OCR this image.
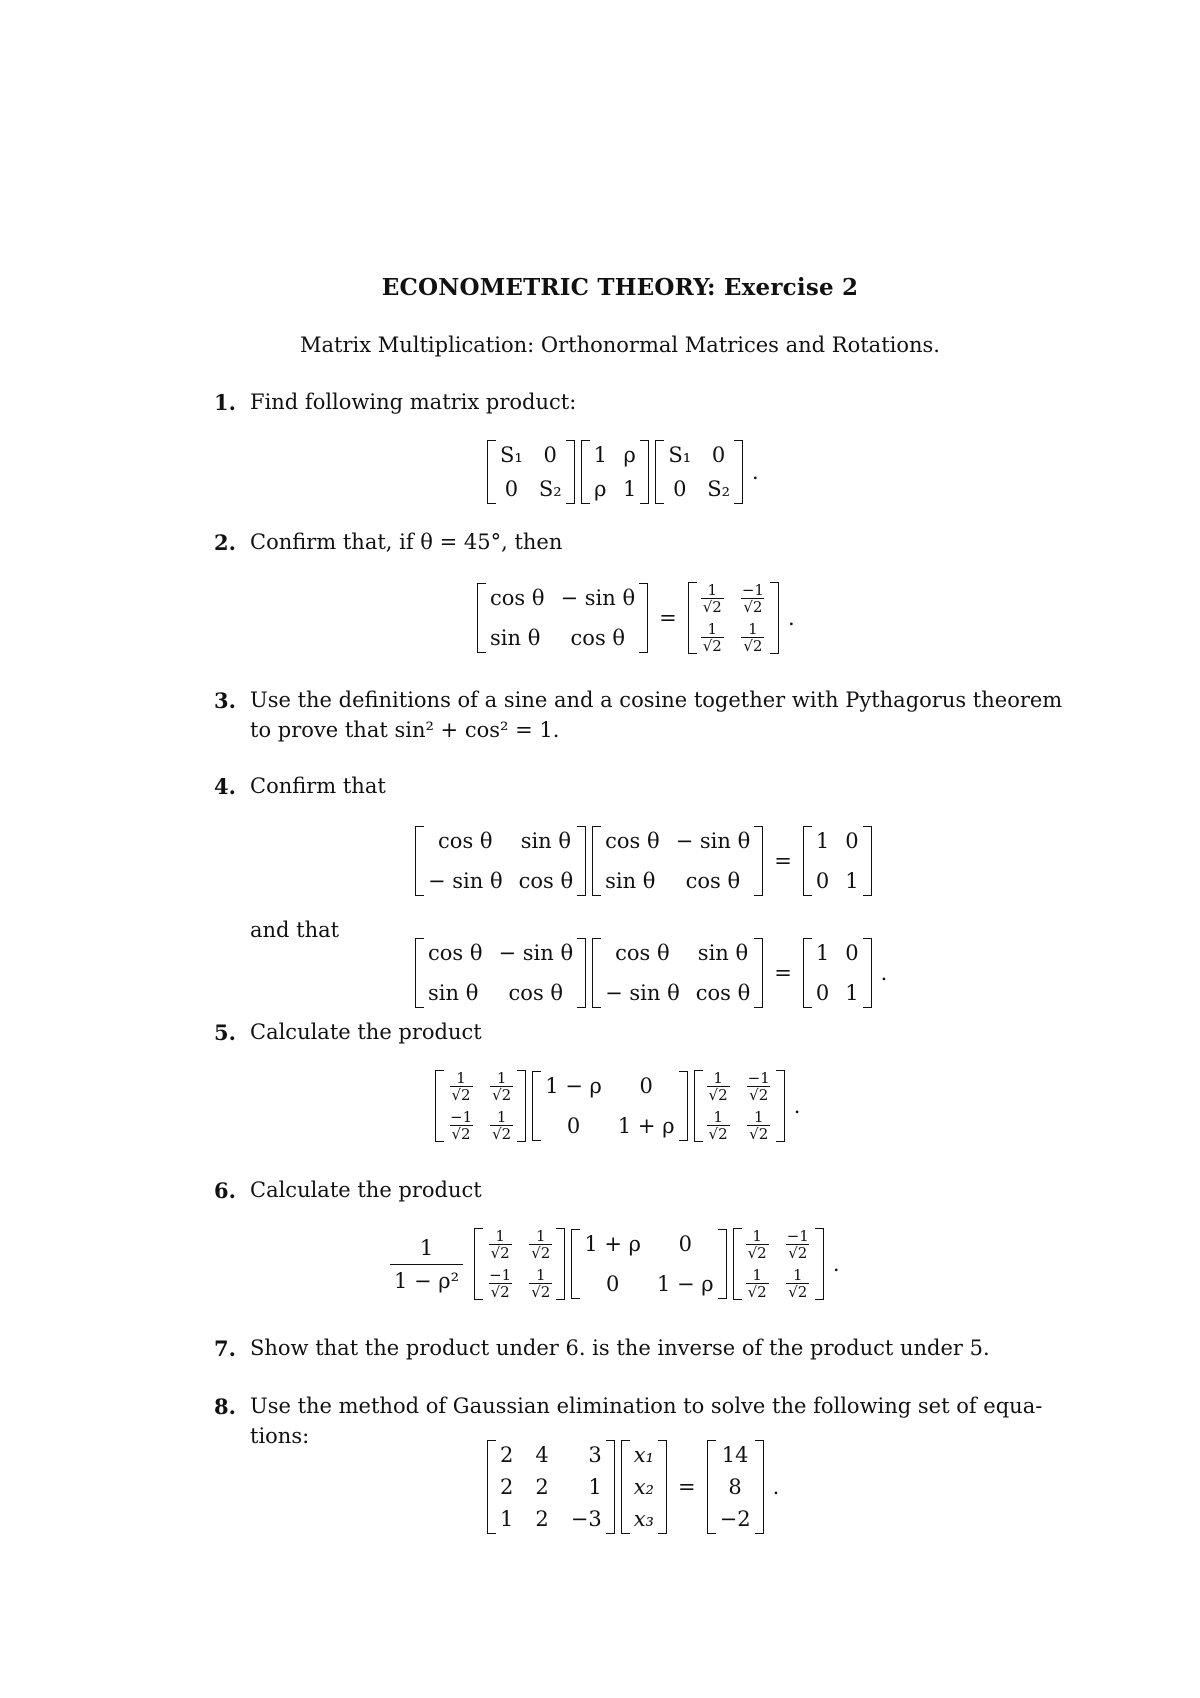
ECONOMETRIC THEORY: Exercise 2
Matrix Multiplication: Orthonormal Matrices and Rotations.
1. Find following matrix product:
S₁ 0
0 S₂
1 ρ
ρ 1
S₁ 0
0 S₂
.
2. Confirm that, if θ = 45°, then
cos θ − sin θ
sin θ cos θ
=
$\frac{1}{√2} \frac{-1}{√2}$
$\frac{1}{√2} \frac{1}{√2}$
.
3. Use the definitions of a sine and a cosine together with Pythagorus theorem
to prove that sin² + cos² = 1.
4. Confirm that
cos θ sin θ
− sin θ cos θ
cos θ − sin θ
sin θ cos θ
=
1 0
0 1
and that
cos θ − sin θ
sin θ cos θ
cos θ sin θ
− sin θ cos θ
=
1 0
0 1
.
5. Calculate the product
$\frac{1}{√2} \frac{1}{√2}$
$\frac{-1}{√2} \frac{1}{√2}$
1 − ρ 0
0 1 + ρ
$\frac{1}{√2} \frac{-1}{√2}$
$\frac{1}{√2} \frac{1}{√2}$
.
6. Calculate the product
1
1 − ρ²
$\frac{1}{√2} \frac{1}{√2}$
$\frac{-1}{√2} \frac{1}{√2}$
1 + ρ 0
0 1 − ρ
$\frac{1}{√2} \frac{-1}{√2}$
$\frac{1}{√2} \frac{1}{√2}$
.
7. Show that the product under 6. is the inverse of the product under 5.
8. Use the method of Gaussian elimination to solve the following set of equa-
tions:
2 4 3
2 2 1
1 2 −3
x₁
x₂
x₃
=
14
8
−2
.
